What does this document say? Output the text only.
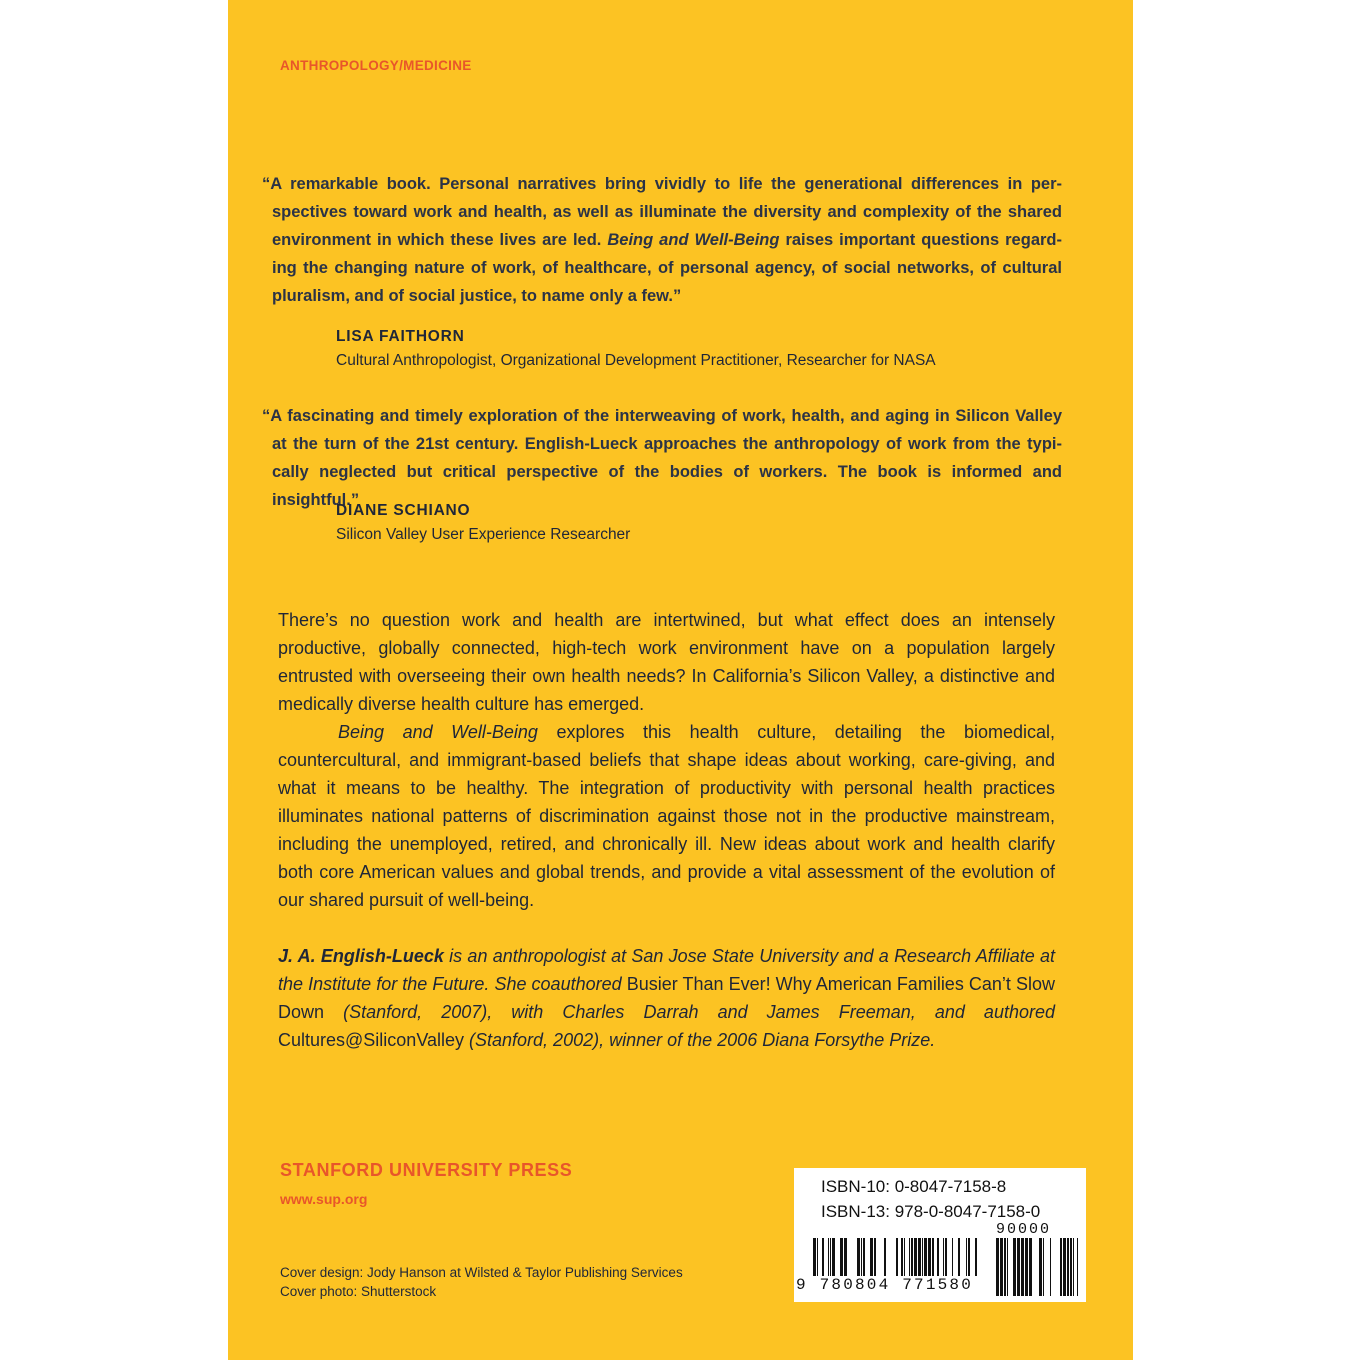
ANTHROPOLOGY/MEDICINE

“A remarkable book. Personal narratives bring vividly to life the generational differences in per-spectives toward work and health, as well as illuminate the diversity and complexity of the shared environment in which these lives are led. Being and Well-Being raises important questions regard-ing the changing nature of work, of healthcare, of personal agency, of social networks, of cultural pluralism, and of social justice, to name only a few.”

LISA FAITHORN
Cultural Anthropologist, Organizational Development Practitioner, Researcher for NASA

“A fascinating and timely exploration of the interweaving of work, health, and aging in Silicon Valley at the turn of the 21st century. English-Lueck approaches the anthropology of work from the typi-cally neglected but critical perspective of the bodies of workers. The book is informed and insightful.”

DIANE SCHIANO
Silicon Valley User Experience Researcher

There’s no question work and health are intertwined, but what effect does an intensely productive, globally connected, high-tech work environment have on a population largely entrusted with overseeing their own health needs? In California’s Silicon Valley, a distinctive and medically diverse health culture has emerged.

Being and Well-Being explores this health culture, detailing the biomedical, countercultural, and immigrant-based beliefs that shape ideas about working, care-giving, and what it means to be healthy. The integration of productivity with personal health practices illuminates national patterns of discrimination against those not in the productive mainstream, including the unemployed, retired, and chronically ill. New ideas about work and health clarify both core American values and global trends, and provide a vital assessment of the evolution of our shared pursuit of well-being.

J. A. English-Lueck is an anthropologist at San Jose State University and a Research Affiliate at the Institute for the Future. She coauthored Busier Than Ever! Why American Families Can’t Slow Down (Stanford, 2007), with Charles Darrah and James Freeman, and authored Cultures@SiliconValley (Stanford, 2002), winner of the 2006 Diana Forsythe Prize.
STANFORD UNIVERSITY PRESS
www.sup.org
Cover design: Jody Hanson at Wilsted & Taylor Publishing Services
Cover photo: Shutterstock
ISBN-10: 0-8047-7158-8
ISBN-13: 978-0-8047-7158-0
90000
9 780804 771580
